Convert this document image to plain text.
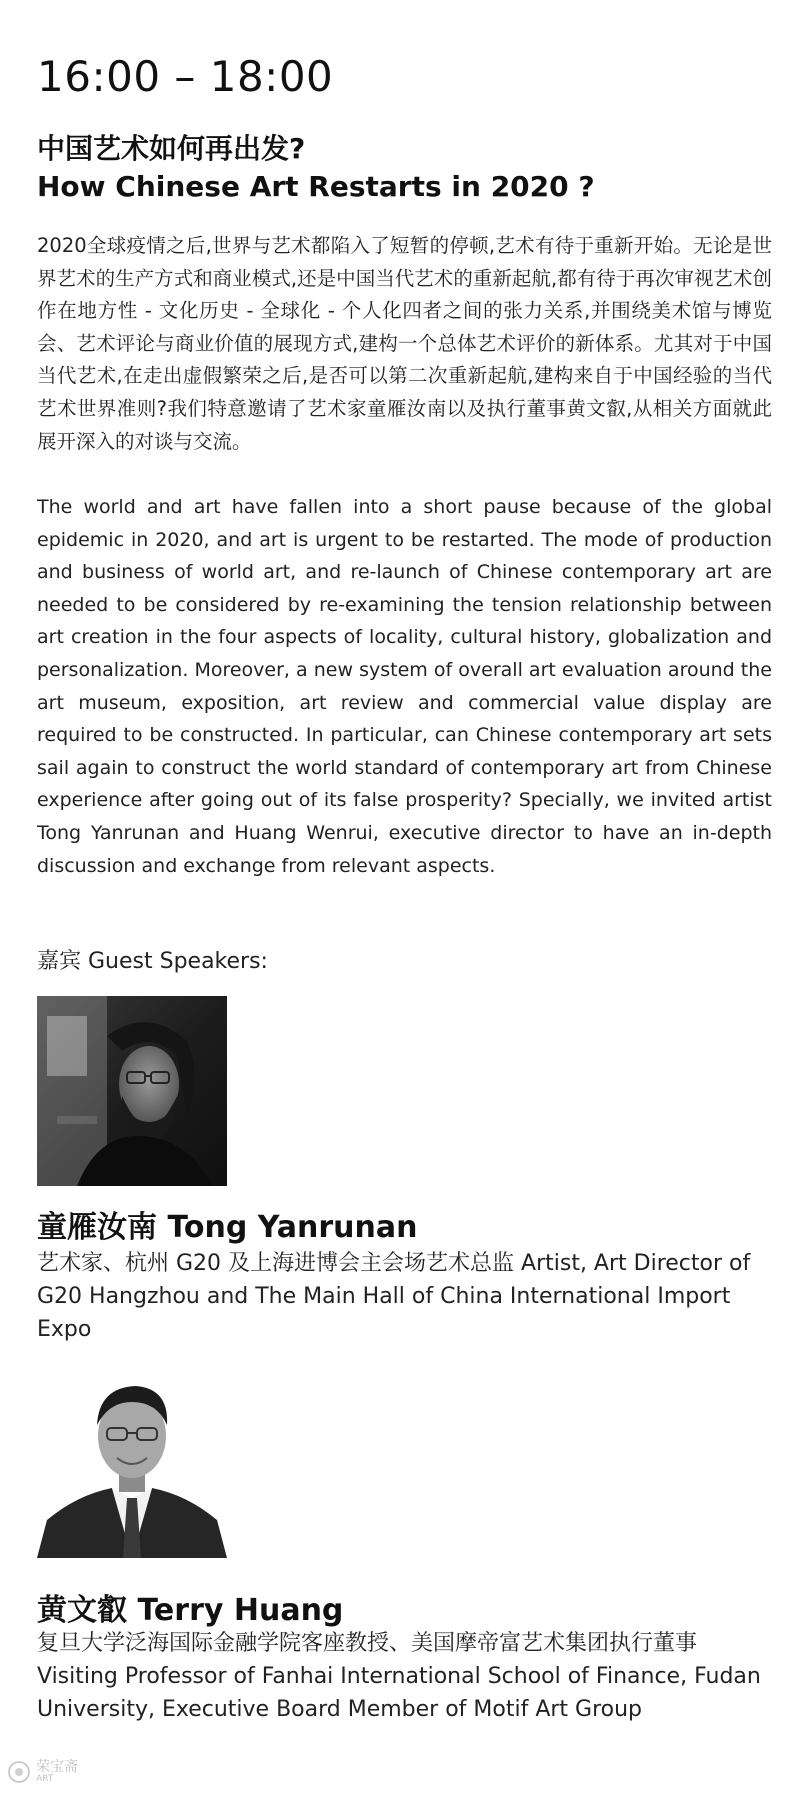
16:00 – 18:00
中国艺术如何再出发?
How Chinese Art Restarts in 2020 ?
2020全球疫情之后,世界与艺术都陷入了短暂的停顿,艺术有待于重新开始。无论是世界艺术的生产方式和商业模式,还是中国当代艺术的重新起航,都有待于再次审视艺术创作在地方性 - 文化历史 - 全球化 - 个人化四者之间的张力关系,并围绕美术馆与博览会、艺术评论与商业价值的展现方式,建构一个总体艺术评价的新体系。尤其对于中国当代艺术,在走出虚假繁荣之后,是否可以第二次重新起航,建构来自于中国经验的当代艺术世界准则?我们特意邀请了艺术家童雁汝南以及执行董事黄文叡,从相关方面就此展开深入的对谈与交流。
The world and art have fallen into a short pause because of the global epidemic in 2020, and art is urgent to be restarted. The mode of production and business of world art, and re-launch of Chinese contemporary art are needed to be considered by re-examining the tension relationship between art creation in the four aspects of locality, cultural history, globalization and personalization. Moreover, a new system of overall art evaluation around the art museum, exposition, art review and commercial value display are required to be constructed. In particular, can Chinese contemporary art sets sail again to construct the world standard of contemporary art from Chinese experience after going out of its false prosperity? Specially, we invited artist Tong Yanrunan and Huang Wenrui, executive director to have an in-depth discussion and exchange from relevant aspects.
嘉宾 Guest Speakers:
童雁汝南 Tong Yanrunan
艺术家、杭州 G20 及上海进博会主会场艺术总监 Artist, Art Director of G20 Hangzhou and The Main Hall of China International Import Expo
黄文叡 Terry Huang
复旦大学泛海国际金融学院客座教授、美国摩帝富艺术集团执行董事 Visiting Professor of Fanhai International School of Finance, Fudan University, Executive Board Member of Motif Art Group
荣宝斋
ART
